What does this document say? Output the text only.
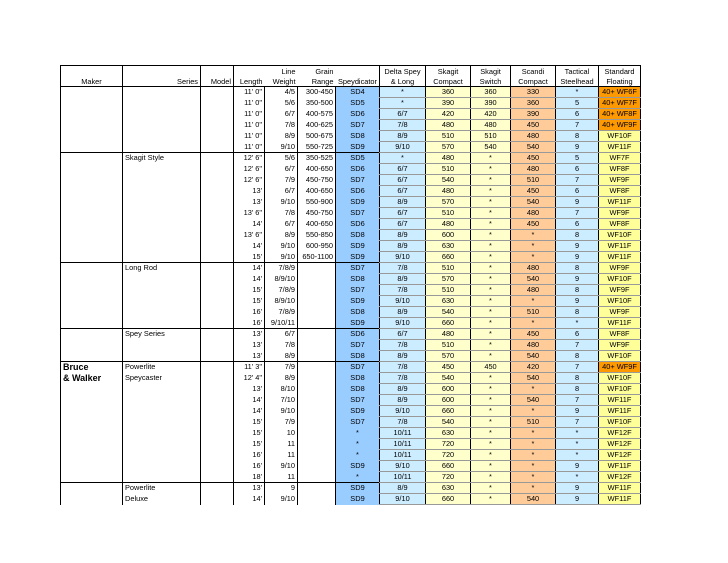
				Line	Grain		Delta Spey	Skagit	Skagit	Scandi	Tactical	Standard
Maker	Series	Model	Length	Weight	Range	Speydicator	& Long	Compact	Switch	Compact	Steelhead	Floating
			11' 0"	4/5	300-450	SD4	*	360	360	330	*	40+ WF6F
			11' 0"	5/6	350-500	SD5	*	390	390	360	5	40+ WF7F
			11' 0"	6/7	400-575	SD6	6/7	420	420	390	6	40+ WF8F
			11' 0"	7/8	400-625	SD7	7/8	480	480	450	7	40+ WF9F
			11' 0"	8/9	500-675	SD8	8/9	510	510	480	8	WF10F
			11' 0"	9/10	550-725	SD9	9/10	570	540	540	9	WF11F
	Skagit Style		12' 6"	5/6	350-525	SD5	*	480	*	450	5	WF7F
			12' 6"	6/7	400-650	SD6	6/7	510	*	480	6	WF8F
			12' 6"	7/9	450-750	SD7	6/7	540	*	510	7	WF9F
			13'	6/7	400-650	SD6	6/7	480	*	450	6	WF8F
			13'	9/10	550-900	SD9	8/9	570	*	540	9	WF11F
			13' 6"	7/8	450-750	SD7	6/7	510	*	480	7	WF9F
			14'	6/7	400-650	SD6	6/7	480	*	450	6	WF8F
			13' 6"	8/9	550-850	SD8	8/9	600	*	*	8	WF10F
			14'	9/10	600-950	SD9	8/9	630	*	*	9	WF11F
			15'	9/10	650-1100	SD9	9/10	660	*	*	9	WF11F
	Long Rod		14'	7/8/9		SD7	7/8	510	*	480	8	WF9F
			14'	8/9/10		SD8	8/9	570	*	540	9	WF10F
			15'	7/8/9		SD7	7/8	510	*	480	8	WF9F
			15'	8/9/10		SD9	9/10	630	*	*	9	WF10F
			16'	7/8/9		SD8	8/9	540	*	510	8	WF9F
			16'	9/10/11		SD9	9/10	660	*	*	*	WF11F
	Spey Series		13'	6/7		SD6	6/7	480	*	450	6	WF8F
			13'	7/8		SD7	7/8	510	*	480	7	WF9F
			13'	8/9		SD8	8/9	570	*	540	8	WF10F
Bruce	Powerlite		11' 3"	7/9		SD7	7/8	450	450	420	7	40+ WF9F
& Walker	Speycaster		12' 4"	8/9		SD8	7/8	540	*	540	8	WF10F
			13'	8/10		SD8	8/9	600	*	*	8	WF10F
			14'	7/10		SD7	8/9	600	*	540	7	WF11F
			14'	9/10		SD9	9/10	660	*	*	9	WF11F
			15'	7/9		SD7	7/8	540	*	510	7	WF10F
			15'	10		*	10/11	630	*	*	*	WF12F
			15'	11		*	10/11	720	*	*	*	WF12F
			16'	11		*	10/11	720	*	*	*	WF12F
			16'	9/10		SD9	9/10	660	*	*	9	WF11F
			18'	11		*	10/11	720	*	*	*	WF12F
	Powerlite		13'	9		SD9	8/9	630	*	*	9	WF11F
	Deluxe		14'	9/10		SD9	9/10	660	*	540	9	WF11F
